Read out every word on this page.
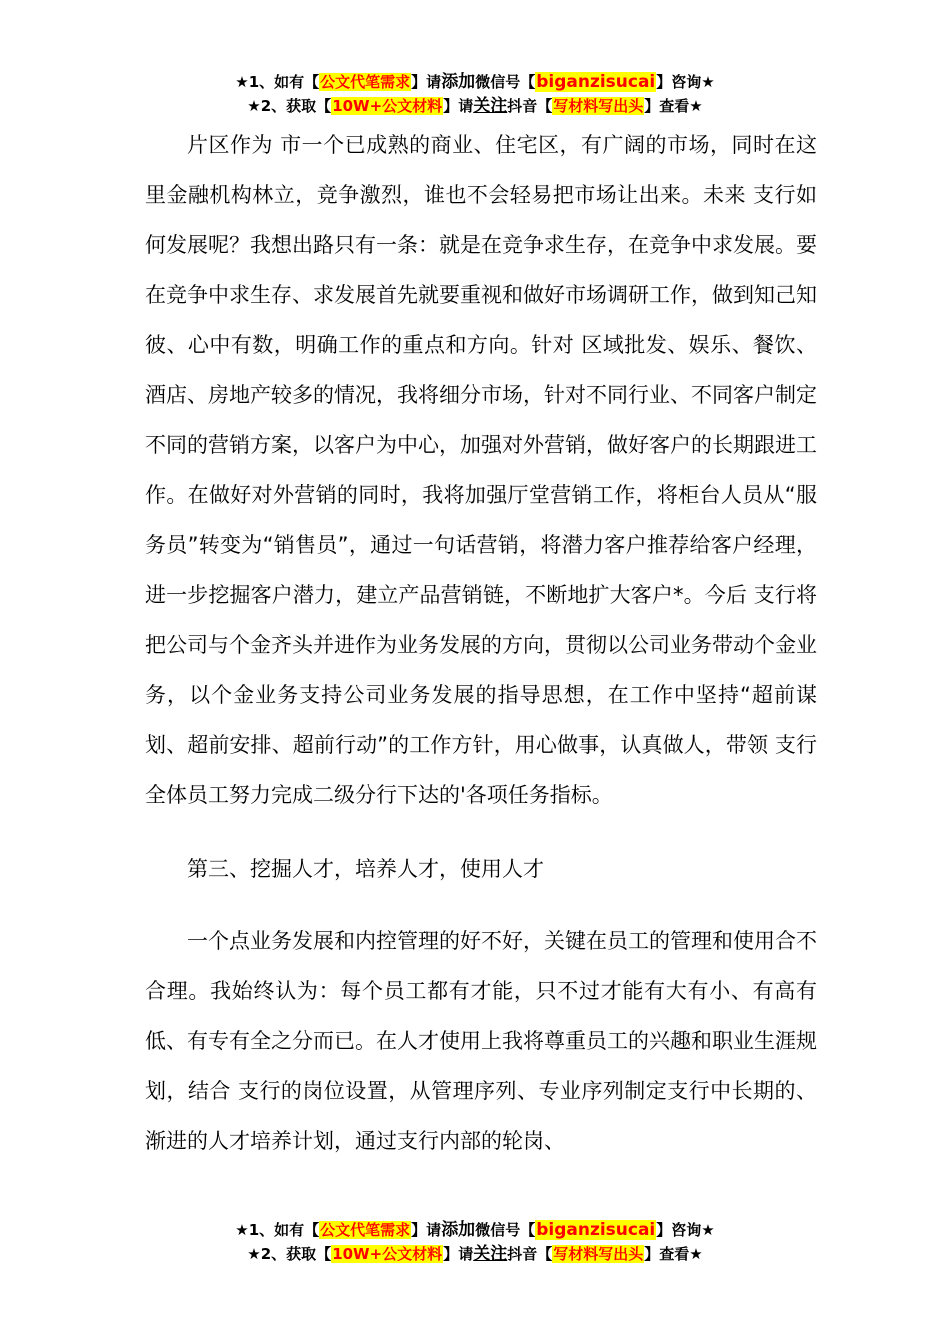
★1、如有【公文代笔需求】请添加微信号【biganzisucai】咨询★
★2、获取【10W+公文材料】请关注抖音【写材料写出头】查看★

片区作为 市一个已成熟的商业、住宅区，有广阔的市场，同时在这里金融机构林立，竞争激烈，谁也不会轻易把市场让出来。未来 支行如何发展呢？我想出路只有一条：就是在竞争求生存，在竞争中求发展。要在竞争中求生存、求发展首先就要重视和做好市场调研工作，做到知己知彼、心中有数，明确工作的重点和方向。针对 区域批发、娱乐、餐饮、酒店、房地产较多的情况，我将细分市场，针对不同行业、不同客户制定不同的营销方案，以客户为中心，加强对外营销，做好客户的长期跟进工作。在做好对外营销的同时，我将加强厅堂营销工作，将柜台人员从“服务员”转变为“销售员”，通过一句话营销，将潜力客户推荐给客户经理，进一步挖掘客户潜力，建立产品营销链，不断地扩大客户*。今后 支行将把公司与个金齐头并进作为业务发展的方向，贯彻以公司业务带动个金业务，以个金业务支持公司业务发展的指导思想，在工作中坚持“超前谋划、超前安排、超前行动”的工作方针，用心做事，认真做人，带领 支行全体员工努力完成二级分行下达的'各项任务指标。

第三、挖掘人才，培养人才，使用人才

一个点业务发展和内控管理的好不好，关键在员工的管理和使用合不合理。我始终认为：每个员工都有才能，只不过才能有大有小、有高有低、有专有全之分而已。在人才使用上我将尊重员工的兴趣和职业生涯规划，结合 支行的岗位设置，从管理序列、专业序列制定支行中长期的、渐进的人才培养计划，通过支行内部的轮岗、

★1、如有【公文代笔需求】请添加微信号【biganzisucai】咨询★
★2、获取【10W+公文材料】请关注抖音【写材料写出头】查看★
